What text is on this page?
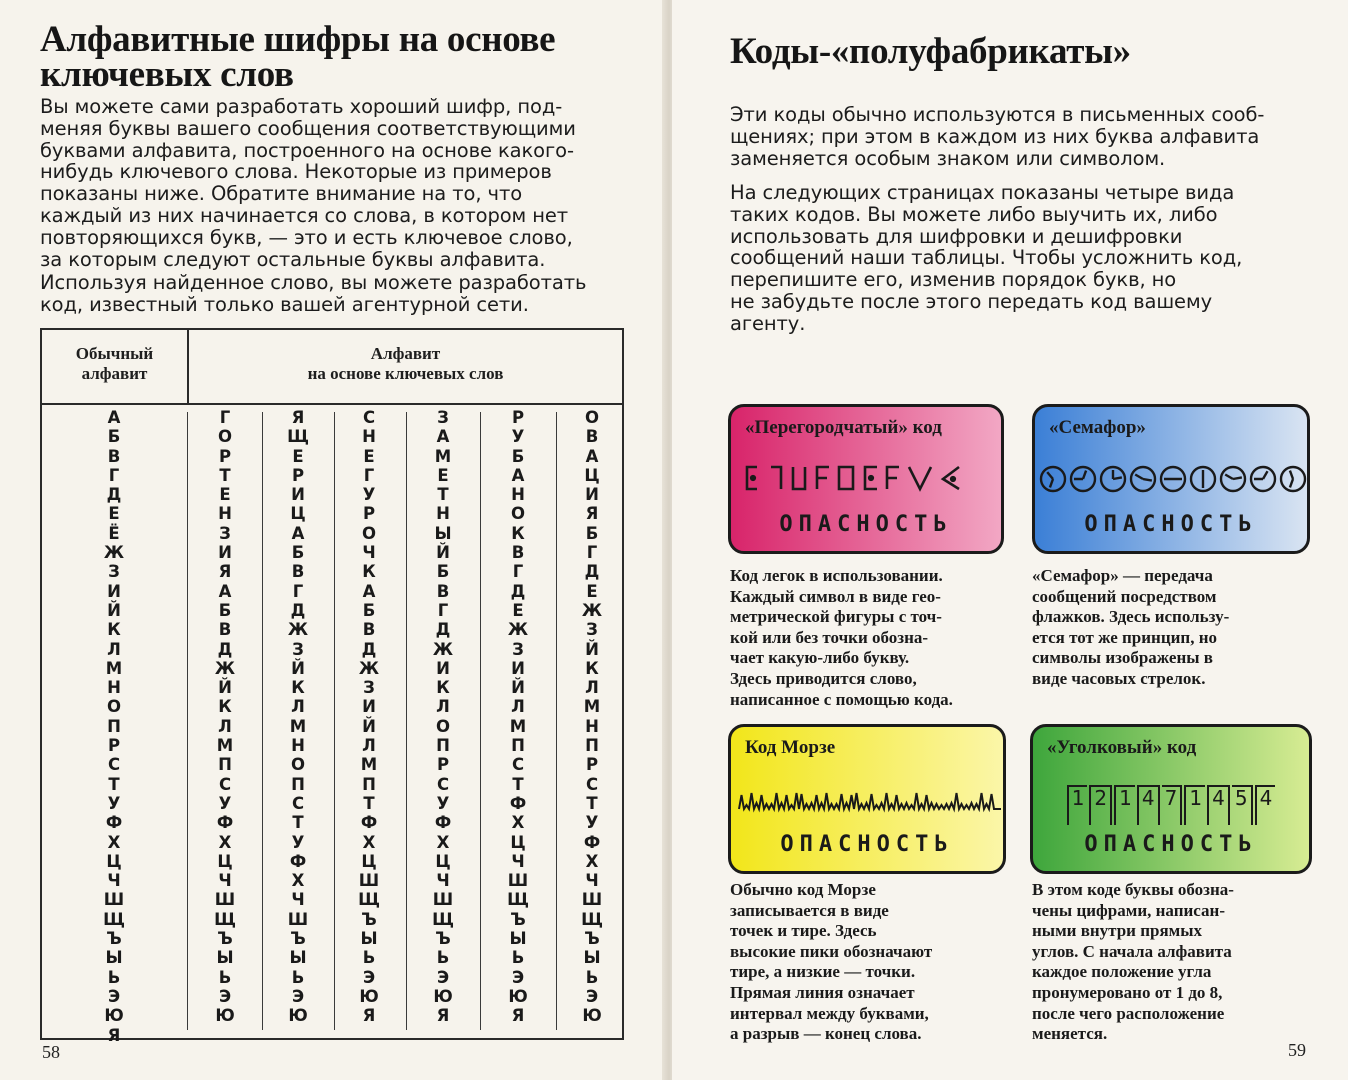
Алфавитные шифры на основе
ключевых слов
Вы можете сами разработать хороший шифр, под-
меняя буквы вашего сообщения соответствующими
буквами алфавита, построенного на основе какого-
нибудь ключевого слова. Некоторые из примеров
показаны ниже. Обратите внимание на то, что
каждый из них начинается со слова, в котором нет
повторяющихся букв, — это и есть ключевое слово,
за которым следуют остальные буквы алфавита.
Используя найденное слово, вы можете разработать
код, известный только вашей агентурной сети.
Обычный
алфавит
Алфавит
на основе ключевых слов
А
Б
В
Г
Д
Е
Ё
Ж
З
И
Й
К
Л
М
Н
О
П
Р
С
Т
У
Ф
Х
Ц
Ч
Ш
Щ
Ъ
Ы
Ь
Э
Ю
Я
Г
О
Р
Т
Е
Н
З
И
Я
А
Б
В
Д
Ж
Й
К
Л
М
П
С
У
Ф
Х
Ц
Ч
Ш
Щ
Ъ
Ы
Ь
Э
Ю
Я
Щ
Е
Р
И
Ц
А
Б
В
Г
Д
Ж
З
Й
К
Л
М
Н
О
П
С
Т
У
Ф
Х
Ч
Ш
Ъ
Ы
Ь
Э
Ю
С
Н
Е
Г
У
Р
О
Ч
К
А
Б
В
Д
Ж
З
И
Й
Л
М
П
Т
Ф
Х
Ц
Ш
Щ
Ъ
Ы
Ь
Э
Ю
Я
З
А
М
Е
Т
Н
Ы
Й
Б
В
Г
Д
Ж
И
К
Л
О
П
Р
С
У
Ф
Х
Ц
Ч
Ш
Щ
Ъ
Ь
Э
Ю
Я
Р
У
Б
А
Н
О
К
В
Г
Д
Е
Ж
З
И
Й
Л
М
П
С
Т
Ф
Х
Ц
Ч
Ш
Щ
Ъ
Ы
Ь
Э
Ю
Я
О
В
А
Ц
И
Я
Б
Г
Д
Е
Ж
З
Й
К
Л
М
Н
П
Р
С
Т
У
Ф
Х
Ч
Ш
Щ
Ъ
Ы
Ь
Э
Ю
58
Коды-«полуфабрикаты»
Эти коды обычно используются в письменных сооб-
щениях; при этом в каждом из них буква алфавита
заменяется особым знаком или символом.
На следующих страницах показаны четыре вида
таких кодов. Вы можете либо выучить их, либо
использовать для шифровки и дешифровки
сообщений наши таблицы. Чтобы усложнить код,
перепишите его, изменив порядок букв, но
не забудьте после этого передать код вашему
агенту.
«Перегородчатый» код
ОПАСНОСТЬ
«Семафор»
ОПАСНОСТЬ
Код Морзе
ОПАСНОСТЬ
«Уголковый» код
1 2 1 4 7 1 4 5 4
ОПАСНОСТЬ
Код легок в использовании.
Каждый символ в виде гео-
метрической фигуры с точ-
кой или без точки обозна-
чает какую-либо букву.
Здесь приводится слово,
написанное с помощью кода.
«Семафор» — передача
сообщений посредством
флажков. Здесь использу-
ется тот же принцип, но
символы изображены в
виде часовых стрелок.
Обычно код Морзе
записывается в виде
точек и тире. Здесь
высокие пики обозначают
тире, а низкие — точки.
Прямая линия означает
интервал между буквами,
а разрыв — конец слова.
В этом коде буквы обозна-
чены цифрами, написан-
ными внутри прямых
углов. С начала алфавита
каждое положение угла
пронумеровано от 1 до 8,
после чего расположение
меняется.
59
